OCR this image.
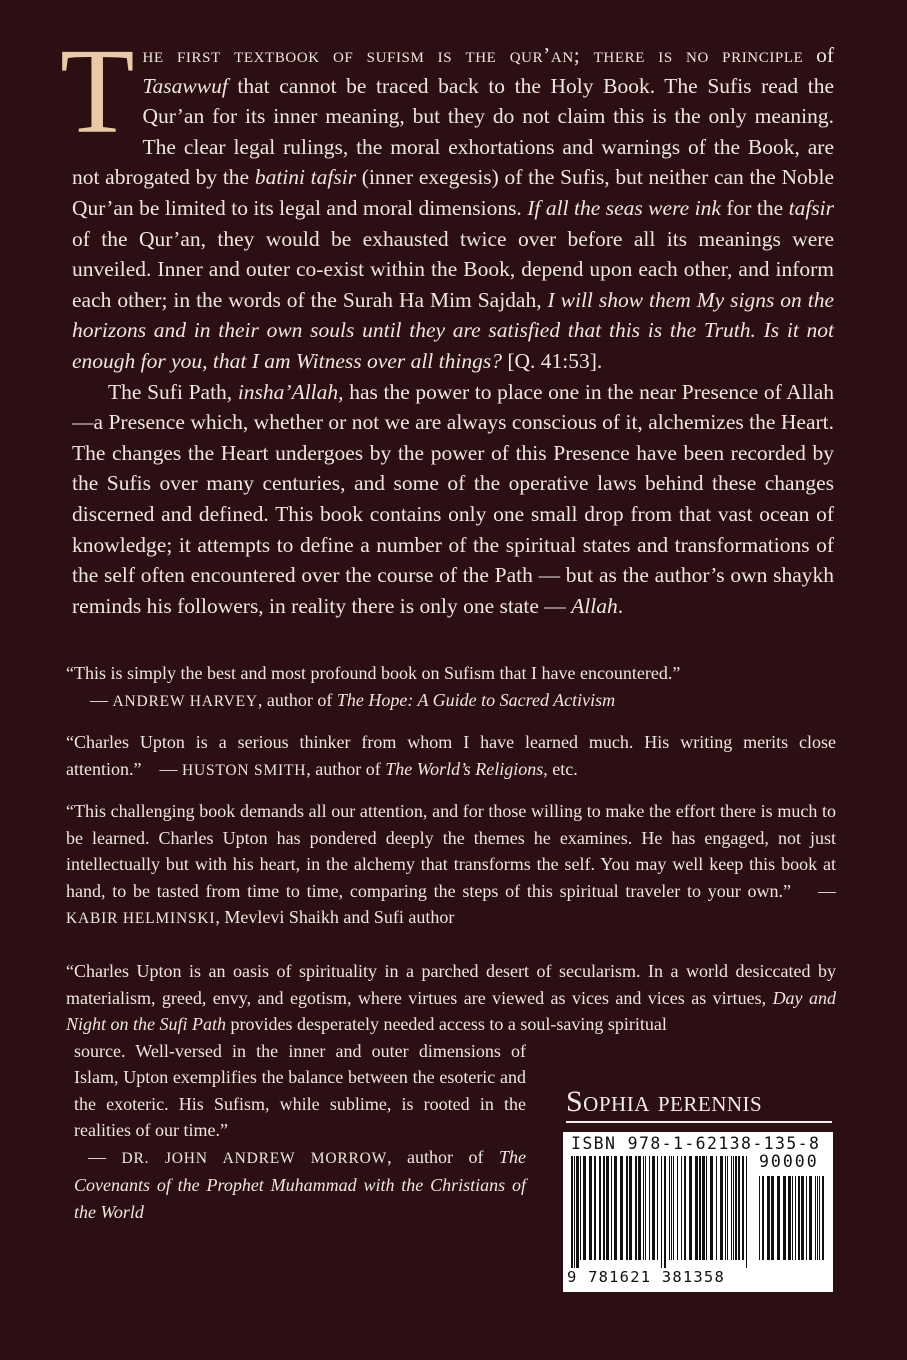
The first textbook of sufism is the qur’an; there is no principle of Tasawwuf that cannot be traced back to the Holy Book. The Sufis read the Qur’an for its inner meaning, but they do not claim this is the only meaning. The clear legal rulings, the moral exhortations and warnings of the Book, are not abrogated by the batini tafsir (inner exegesis) of the Sufis, but neither can the Noble Qur’an be limited to its legal and moral dimensions. If all the seas were ink for the tafsir of the Qur’an, they would be exhausted twice over before all its meanings were unveiled. Inner and outer co-exist within the Book, depend upon each other, and inform each other; in the words of the Surah Ha Mim Sajdah, I will show them My signs on the horizons and in their own souls until they are satisfied that this is the Truth. Is it not enough for you, that I am Witness over all things? [Q. 41:53].

The Sufi Path, insha’Allah, has the power to place one in the near Presence of Allah—a Presence which, whether or not we are always conscious of it, alchemizes the Heart. The changes the Heart undergoes by the power of this Presence have been recorded by the Sufis over many centuries, and some of the operative laws behind these changes discerned and defined. This book contains only one small drop from that vast ocean of knowledge; it attempts to define a number of the spiritual states and transformations of the self often encountered over the course of the Path — but as the author’s own shaykh reminds his followers, in reality there is only one state — Allah.

“This is simply the best and most profound book on Sufism that I have encountered.”
— ANDREW HARVEY, author of The Hope: A Guide to Sacred Activism
“Charles Upton is a serious thinker from whom I have learned much. His writing merits close attention.” — HUSTON SMITH, author of The World’s Religions, etc.
“This challenging book demands all our attention, and for those willing to make the effort there is much to be learned. Charles Upton has pondered deeply the themes he examines. He has engaged, not just intellectually but with his heart, in the alchemy that transforms the self. You may well keep this book at hand, to be tasted from time to time, comparing the steps of this spiritual traveler to your own.” — KABIR HELMINSKI, Mevlevi Shaikh and Sufi author
“Charles Upton is an oasis of spirituality in a parched desert of secularism. In a world desiccated by materialism, greed, envy, and egotism, where virtues are viewed as vices and vices as virtues, Day and Night on the Sufi Path provides desperately needed access to a soul-saving spiritual
source. Well-versed in the inner and outer dimensions of Islam, Upton exemplifies the balance between the esoteric and the exoteric. His Sufism, while sublime, is rooted in the realities of our time.”
— DR. JOHN ANDREW MORROW, author of The Covenants of the Prophet Muhammad with the Christians of the World
Sophia perennis
ISBN 978-1-62138-135-8
90000
9 781621 381358
